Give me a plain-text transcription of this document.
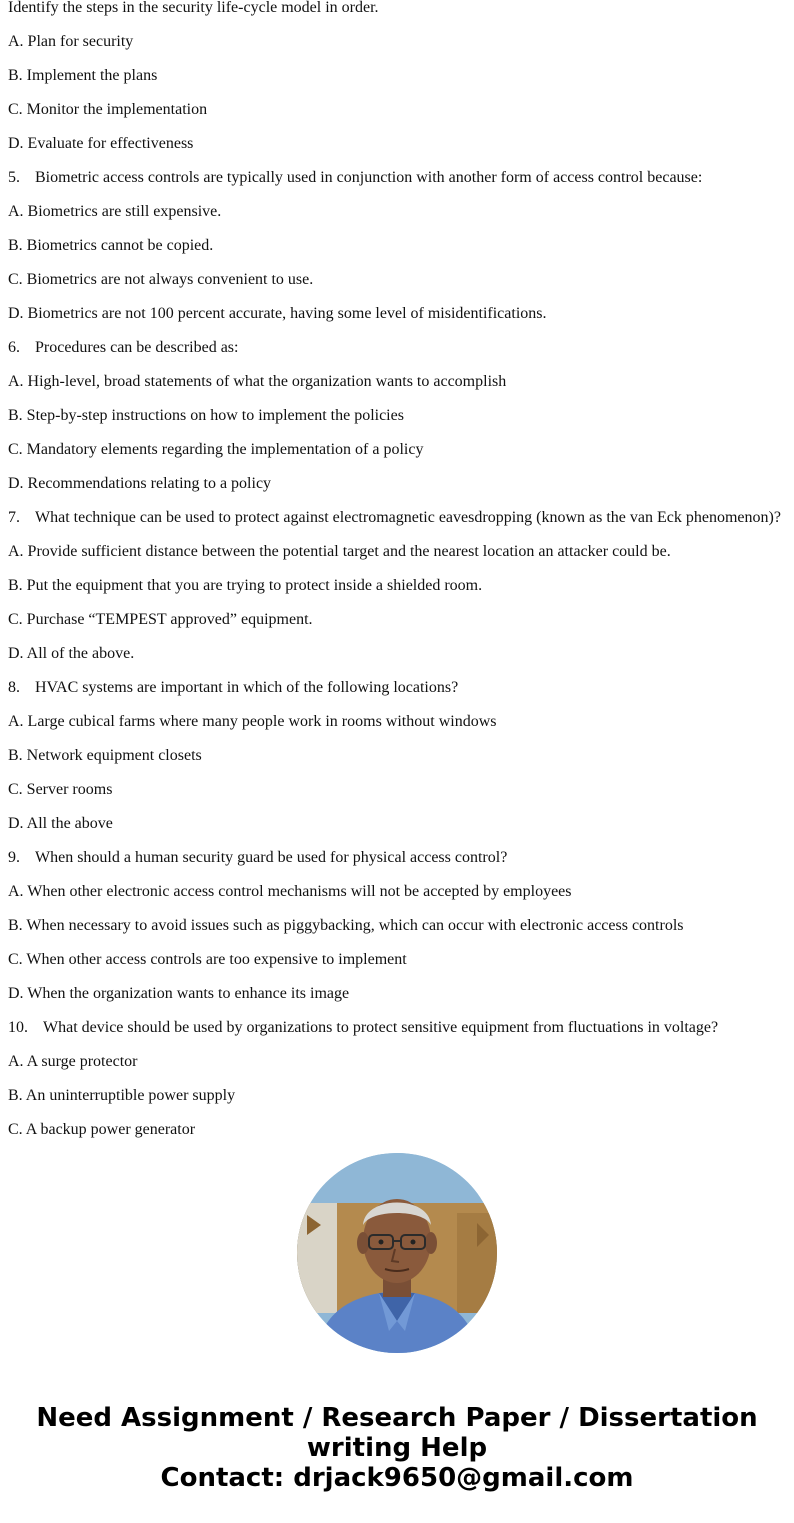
Identify the steps in the security life-cycle model in order.
A. Plan for security
B. Implement the plans
C. Monitor the implementation
D. Evaluate for effectiveness
5. Biometric access controls are typically used in conjunction with another form of access control because:
A. Biometrics are still expensive.
B. Biometrics cannot be copied.
C. Biometrics are not always convenient to use.
D. Biometrics are not 100 percent accurate, having some level of misidentifications.
6. Procedures can be described as:
A. High-level, broad statements of what the organization wants to accomplish
B. Step-by-step instructions on how to implement the policies
C. Mandatory elements regarding the implementation of a policy
D. Recommendations relating to a policy
7. What technique can be used to protect against electromagnetic eavesdropping (known as the van Eck phenomenon)?
A. Provide sufficient distance between the potential target and the nearest location an attacker could be.
B. Put the equipment that you are trying to protect inside a shielded room.
C. Purchase “TEMPEST approved” equipment.
D. All of the above.
8. HVAC systems are important in which of the following locations?
A. Large cubical farms where many people work in rooms without windows
B. Network equipment closets
C. Server rooms
D. All the above
9. When should a human security guard be used for physical access control?
A. When other electronic access control mechanisms will not be accepted by employees
B. When necessary to avoid issues such as piggybacking, which can occur with electronic access controls
C. When other access controls are too expensive to implement
D. When the organization wants to enhance its image
10. What device should be used by organizations to protect sensitive equipment from fluctuations in voltage?
A. A surge protector
B. An uninterruptible power supply
C. A backup power generator
Need Assignment / Research Paper / Dissertation
writing Help
Contact: drjack9650@gmail.com
